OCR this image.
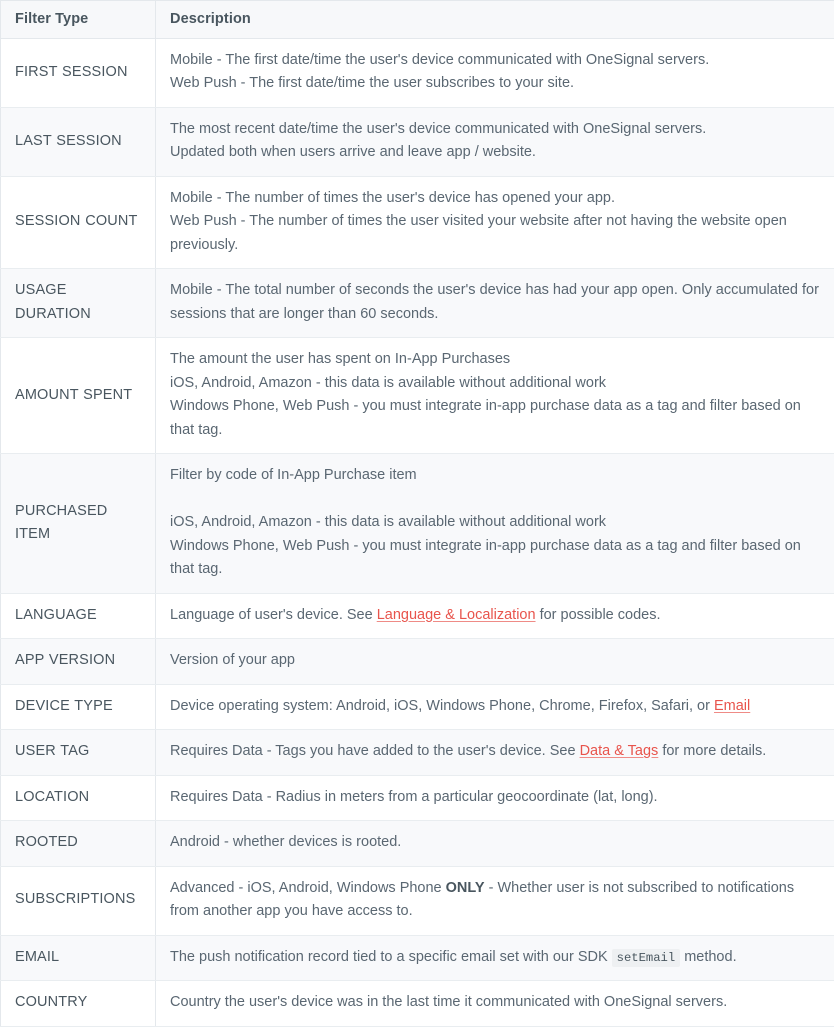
Filter Type	Description
FIRST SESSION	Mobile - The first date/time the user's device communicated with OneSignal servers.
Web Push - The first date/time the user subscribes to your site.

LAST SESSION	The most recent date/time the user's device communicated with OneSignal servers.
Updated both when users arrive and leave app / website.

SESSION COUNT	Mobile - The number of times the user's device has opened your app.
Web Push - The number of times the user visited your website after not having the website open previously.

USAGE DURATION	Mobile - The total number of seconds the user's device has had your app open. Only accumulated for sessions that are longer than 60 seconds.

AMOUNT SPENT	The amount the user has spent on In-App Purchases
iOS, Android, Amazon - this data is available without additional work
Windows Phone, Web Push - you must integrate in-app purchase data as a tag and filter based on that tag.

PURCHASED ITEM	Filter by code of In-App Purchase item

iOS, Android, Amazon - this data is available without additional work
Windows Phone, Web Push - you must integrate in-app purchase data as a tag and filter based on that tag.

LANGUAGE	Language of user's device. See Language & Localization for possible codes.

APP VERSION	Version of your app

DEVICE TYPE	Device operating system: Android, iOS, Windows Phone, Chrome, Firefox, Safari, or Email

USER TAG	Requires Data - Tags you have added to the user's device. See Data & Tags for more details.

LOCATION	Requires Data - Radius in meters from a particular geocoordinate (lat, long).

ROOTED	Android - whether devices is rooted.

SUBSCRIPTIONS	Advanced - iOS, Android, Windows Phone ONLY - Whether user is not subscribed to notifications from another app you have access to.

EMAIL	The push notification record tied to a specific email set with our SDK setEmail method.

COUNTRY	Country the user's device was in the last time it communicated with OneSignal servers.
